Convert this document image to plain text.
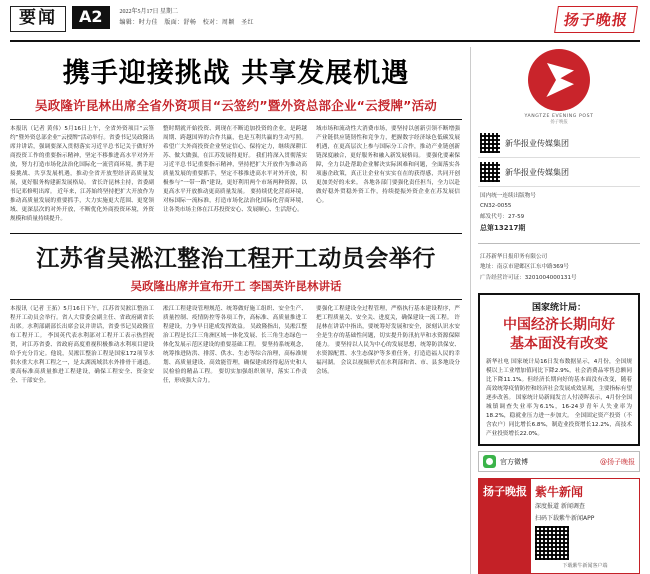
要闻	A2	2022年5月17日 星期二
编辑：时力佳　版面：舒畅　校对：周颖　圣红	扬子晚报
携手迎接挑战 共享发展机遇
吴政隆许昆林出席全省外资项目“云签约”暨外资总部企业“云授牌”活动

本报讯（记者 黄伟）5月16日上午，全省外资项目“云签约”暨外资总部企业“云授牌”活动举行。省委书记吴政隆出席并讲话，强调要深入贯彻落实习近平总书记关于做好外商投资工作的重要指示精神，坚定不移推进高水平对外开放，努力打造市场化法治化国际化一流营商环境，携手迎接挑战、共享发展机遇，推动全省开放型经济高质量发展，更好服务构建新发展格局。 省长许昆林主持，省委副书记邓修明出席。 近年来，江苏始终坚持把扩大开放作为推动高质量发展的重要抓手，大力实施更大范围、更宽领域、更深层次的对外开放，不断优化外商投资环境，外资规模和质量持续提升。

整时期就开始投资、到现在不断追加投资的企业，是跨越周期、跨越国界的合作共赢，也是互利共赢的生动写照。希望广大外商投资企业坚定信心、保持定力，继续深耕江苏、做大做强，在江苏发展得更好。 我们将深入贯彻落实习近平总书记重要指示精神，坚持把扩大开放作为推动高质量发展的重要抓手，坚定不移推进高水平对外开放，积极参与“一带一路”建设，更好利用两个市场两种资源，以更高水平开放推动更高质量发展。 要持续优化营商环境，对标国际一流标准，打造市场化法治化国际化营商环境，让各类市场主体在江苏投资安心、发展顺心、生活舒心。

域市场和流动性大消费市场，要坚持以创新引领不断增强产业链供应链韧性和竞争力，把握数字经济绿色低碳发展机遇，在更高层次上参与国际分工合作，推动产业链创新链深度融合，更好服务和融入新发展格局。 要强化要素保障，全力以赴帮助企业解决实际困难和问题，全面落实各项惠企政策，真正让企业有实实在在的获得感，共同开创更加美好的未来。 各地各部门要强化责任担当，全力以赴做好稳外贸稳外资工作，持续提振外资企业在苏发展信心。

江苏省吴淞江整治工程开工动员会举行
吴政隆出席并宣布开工 李国英许昆林讲话

本报讯（记者 王拓）5月16日下午，江苏省吴淞江整治工程开工动员会举行。省人大常委会副主任、省政府副省长出席。水利部副部长出席会议并讲话，省委书记吴政隆宣布工程开工。 李国英代表水利部对工程开工表示热烈祝贺，对江苏省委、省政府高度重视积极推动水利项目建设给予充分肯定。他说，吴淞江整治工程是国家172项节水供水重大水利工程之一，是太湖流域洪水外排骨干通道。 要高标准高质量推进工程建设，确保工程安全、资金安全、干部安全。

淞江工程建设管理规范、统筹做好施工组织、安全生产、质量控制、疫情防控等各项工作，高标准、高质量推进工程建设，力争早日建成发挥效益。 吴政隆指出，吴淞江整治工程是长江三角洲区域一体化发展、长三角生态绿色一体化发展示范区建设的重要基础工程。 要坚持系统观念，统筹推进防洪、排涝、供水、生态等综合治理，高标准规划、高质量建设、高效能管理，确保建成经得起历史和人民检验的精品工程。 要切实加强组织领导，落实工作责任，形成强大合力。

要强化工程建设全过程管理，严格执行基本建设程序，严把工程质量关、安全关、进度关，确保建设一流工程。 许昆林在讲话中指出，要统筹好发展和安全，深刻认识水安全是生存的基础性问题，切实提升防汛抗旱和水资源保障能力。 要坚持以人民为中心的发展思想，统筹防洪保安、水资源配置、水生态保护等多重任务，打造造福人民的幸福河湖。 会议以视频形式在水利部和省、市、县多地设分会场。

YANGTZE EVENING POST
扬子晚报
新华报业传媒集团
新华报业传媒集团
国内统一连续出版物号
CN32-0055
邮发代号：27-59
总第13217期
江苏新华日报印务有限公司
地址：南京市建邺区江东中路369号
广告经营许可证：3201004000131号
国家统计局：
中国经济长期向好
基本面没有改变
新华社电 国家统计局16日发布数据显示，4月份，全国规模以上工业增加值同比下降2.9%，社会消费品零售总额同比下降11.1%。但经济长期向好的基本面没有改变，随着高效统筹疫情防控和经济社会发展成效显现，主要指标有望逐步改善。 国家统计局新闻发言人付凌晖表示，4月份全国城镇调查失业率为6.1%，16-24岁青年人失业率为18.2%，稳就业压力进一步加大。 全国固定资产投资（不含农户）同比增长6.8%，制造业投资增长12.2%，高技术产业投资增长22.0%。
官方微博	@扬子晚报
扬子晚报 紫牛新闻
深度报道 新闻调查
扫码下载紫牛新闻APP
下载紫牛新闻客户端
